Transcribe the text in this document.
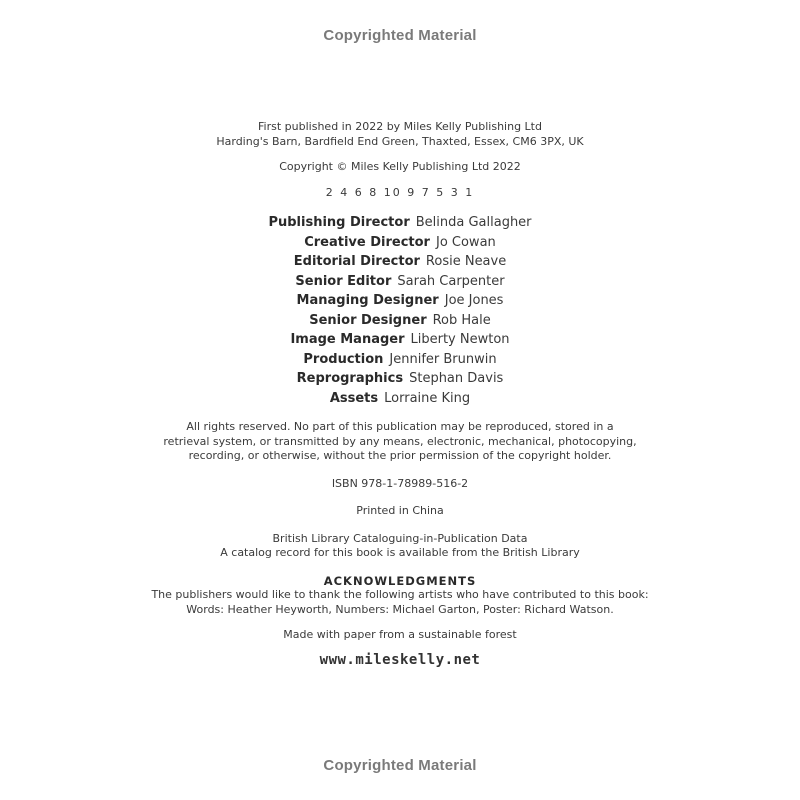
Copyrighted Material
First published in 2022 by Miles Kelly Publishing Ltd
Harding's Barn, Bardfield End Green, Thaxted, Essex, CM6 3PX, UK
Copyright © Miles Kelly Publishing Ltd 2022
2 4 6 8 10 9 7 5 3 1
Publishing Director Belinda Gallagher
Creative Director Jo Cowan
Editorial Director Rosie Neave
Senior Editor Sarah Carpenter
Managing Designer Joe Jones
Senior Designer Rob Hale
Image Manager Liberty Newton
Production Jennifer Brunwin
Reprographics Stephan Davis
Assets Lorraine King
All rights reserved. No part of this publication may be reproduced, stored in a
retrieval system, or transmitted by any means, electronic, mechanical, photocopying,
recording, or otherwise, without the prior permission of the copyright holder.
ISBN 978-1-78989-516-2
Printed in China
British Library Cataloguing-in-Publication Data
A catalog record for this book is available from the British Library
ACKNOWLEDGMENTS
The publishers would like to thank the following artists who have contributed to this book:
Words: Heather Heyworth, Numbers: Michael Garton, Poster: Richard Watson.
Made with paper from a sustainable forest
www.mileskelly.net
Copyrighted Material
